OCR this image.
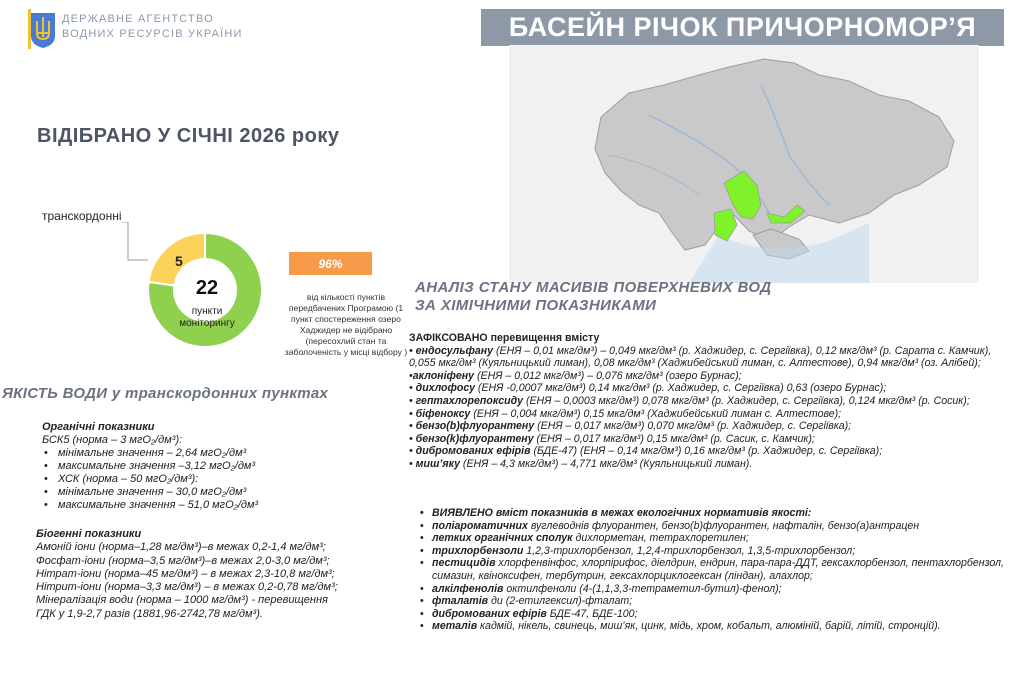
ДЕРЖАВНЕ АГЕНТСТВО
ВОДНИХ РЕСУРСІВ УКРАЇНИ	БАСЕЙН РІЧОК ПРИЧОРНОМОР’Я
ВІДІБРАНО У СІЧНІ 2026 року
транскордонні
5
22
пункти моніторингу
96%
від кількості пунктів передбачених Програмою (1 пункт спостереження озеро Хаджидер не відібрано (пересохлий стан та заболоченість у місці відбору )
ЯКІСТЬ ВОДИ у транскордонних пунктах
Органічні показники
БСК5 (норма – 3 мгО₂/дм³):
• мінімальне значення – 2,64 мгО₂/дм³
• максимальне значення –3,12 мгО₂/дм³
• ХСК (норма – 50 мгО₂/дм³):
• мінімальне значення – 30,0 мгО₂/дм³
• максимальне значення – 51,0 мгО₂/дм³
Біогенні показники
Амоній іони (норма–1,28 мг/дм³)–в межах 0,2-1,4 мг/дм³;
Фосфат-іони (норма–3,5 мг/дм³)–в межах 2,0-3,0 мг/дм³;
Нітрат-іони (норма–45 мг/дм³) – в межах 2,3-10,8 мг/дм³;
Нітрит-іони (норма–3,3 мг/дм³) – в межах 0,2-0,78 мг/дм³;
Мінералізація води (норма – 1000 мг/дм³) - перевищення
ГДК у 1,9-2,7 разів (1881,96-2742,78 мг/дм³).
АНАЛІЗ СТАНУ МАСИВІВ ПОВЕРХНЕВИХ ВОД
ЗА ХІМІЧНИМИ ПОКАЗНИКАМИ

ЗАФІКСОВАНО перевищення вмісту

• ендосульфану (ЕНЯ – 0,01 мкг/дм³) – 0,049 мкг/дм³ (р. Хаджидер, с. Сергіївка), 0,12 мкг/дм³ (р. Сарата с. Камчик), 0,055 мкг/дм³ (Куяльницький лиман), 0,08 мкг/дм³ (Хаджибейський лиман, с. Алтестове), 0,94 мкг/дм³ (оз. Алібей);

•аклоніфену (ЕНЯ – 0,012 мкг/дм³) – 0,076 мкг/дм³ (озеро Бурнас);

• дихлофосу (ЕНЯ -0,0007 мкг/дм³) 0,14 мкг/дм³ (р. Хаджидер, с. Сергіївка) 0,63 (озеро Бурнас);

• гептахлорепоксиду (ЕНЯ – 0,0003 мкг/дм³) 0,078 мкг/дм³ (р. Хаджидер, с. Сергіївка), 0,124 мкг/дм³ (р. Сосик);

• біфеноксу (ЕНЯ – 0,004 мкг/дм³) 0,15 мкг/дм³ (Хаджибейський лиман с. Алтестове);

• бензо(b)флуорантену (ЕНЯ – 0,017 мкг/дм³) 0,070 мкг/дм³ (р. Хаджидер, с. Сергіївка);

• бензо(k)флуорантену (ЕНЯ – 0,017 мкг/дм³) 0,15 мкг/дм³ (р. Сасик, с. Камчик);

• дибромованих ефірів (БДЕ-47) (ЕНЯ – 0,14 мкг/дм³) 0,16 мкг/дм³ (р. Хаджидер, с. Сергіївка);

• миш’яку (ЕНЯ – 4,3 мкг/дм³) – 4,771 мкг/дм³ (Куяльницький лиман).

• ВИЯВЛЕНО вміст показників в межах екологічних нормативів якості:
• поліароматичних вуглеводнів флуорантен, бензо(b)флуорантен, нафталін, бензо(а)антрацен
• летких органічних сполук дихлорметан, тетрахлоретилен;
• трихлорбензоли 1,2,3-трихлорбензол, 1,2,4-трихлорбензол, 1,3,5-трихлорбензол;
• пестицидів хлорфенвінфос, хлорпірифос, діелдрин, ендрин, пара-пара-ДДТ, гексахлорбензол, пентахлорбензол, симазин, квіноксифен, тербутрин, гексахлорциклогексан (ліндан), алахлор;
• алкілфенолів октилфеноли (4-(1,1,3,3-тетраметил-бутил)-фенол);
• фталатів ди (2-етилгексил)-фталат;
• дибромованих ефірів БДЕ-47, БДЕ-100;
• металів кадмій, нікель, свинець, миш’як, цинк, мідь, хром, кобальт, алюміній, барій, літій, стронцій).
